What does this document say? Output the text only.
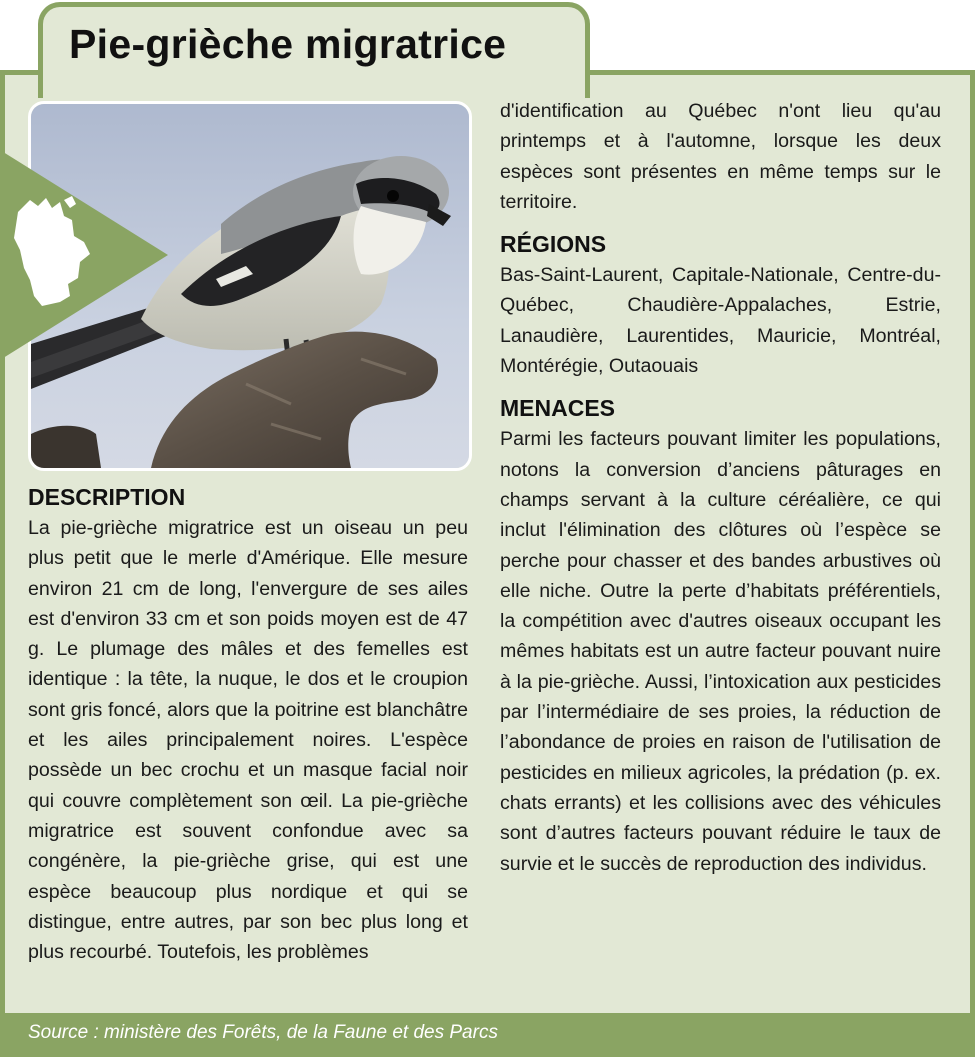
Pie-grièche migratrice
DESCRIPTION

La pie-grièche migratrice est un oiseau un peu plus petit que le merle d'Amérique. Elle mesure environ 21 cm de long, l'envergure de ses ailes est d'environ 33 cm et son poids moyen est de 47 g. Le plumage des mâles et des femelles est identique : la tête, la nuque, le dos et le croupion sont gris foncé, alors que la poitrine est blanchâtre et les ailes principalement noires. L'espèce possède un bec crochu et un masque facial noir qui couvre complètement son œil. La pie-grièche migratrice est souvent confondue avec sa congénère, la pie-grièche grise, qui est une espèce beaucoup plus nordique et qui se distingue, entre autres, par son bec plus long et plus recourbé. Toutefois, les problèmes

d'identification au Québec n'ont lieu qu'au printemps et à l'automne, lorsque les deux espèces sont présentes en même temps sur le territoire.

RÉGIONS

Bas-Saint-Laurent, Capitale-Nationale, Centre-du-Québec, Chaudière-Appalaches, Estrie, Lanaudière, Laurentides, Mauricie, Montréal, Montérégie, Outaouais

MENACES

Parmi les facteurs pouvant limiter les populations, notons la conversion d’anciens pâturages en champs servant à la culture céréalière, ce qui inclut l'élimination des clôtures où l’espèce se perche pour chasser et des bandes arbustives où elle niche. Outre la perte d’habitats préférentiels, la compétition avec d'autres oiseaux occupant les mêmes habitats est un autre facteur pouvant nuire à la pie-grièche. Aussi, l’intoxication aux pesticides par l’intermédiaire de ses proies, la réduction de l’abondance de proies en raison de l'utilisation de pesticides en milieux agricoles, la prédation (p. ex. chats errants) et les collisions avec des véhicules sont d’autres facteurs pouvant réduire le taux de survie et le succès de reproduction des individus.

Source : ministère des Forêts, de la Faune et des Parcs
